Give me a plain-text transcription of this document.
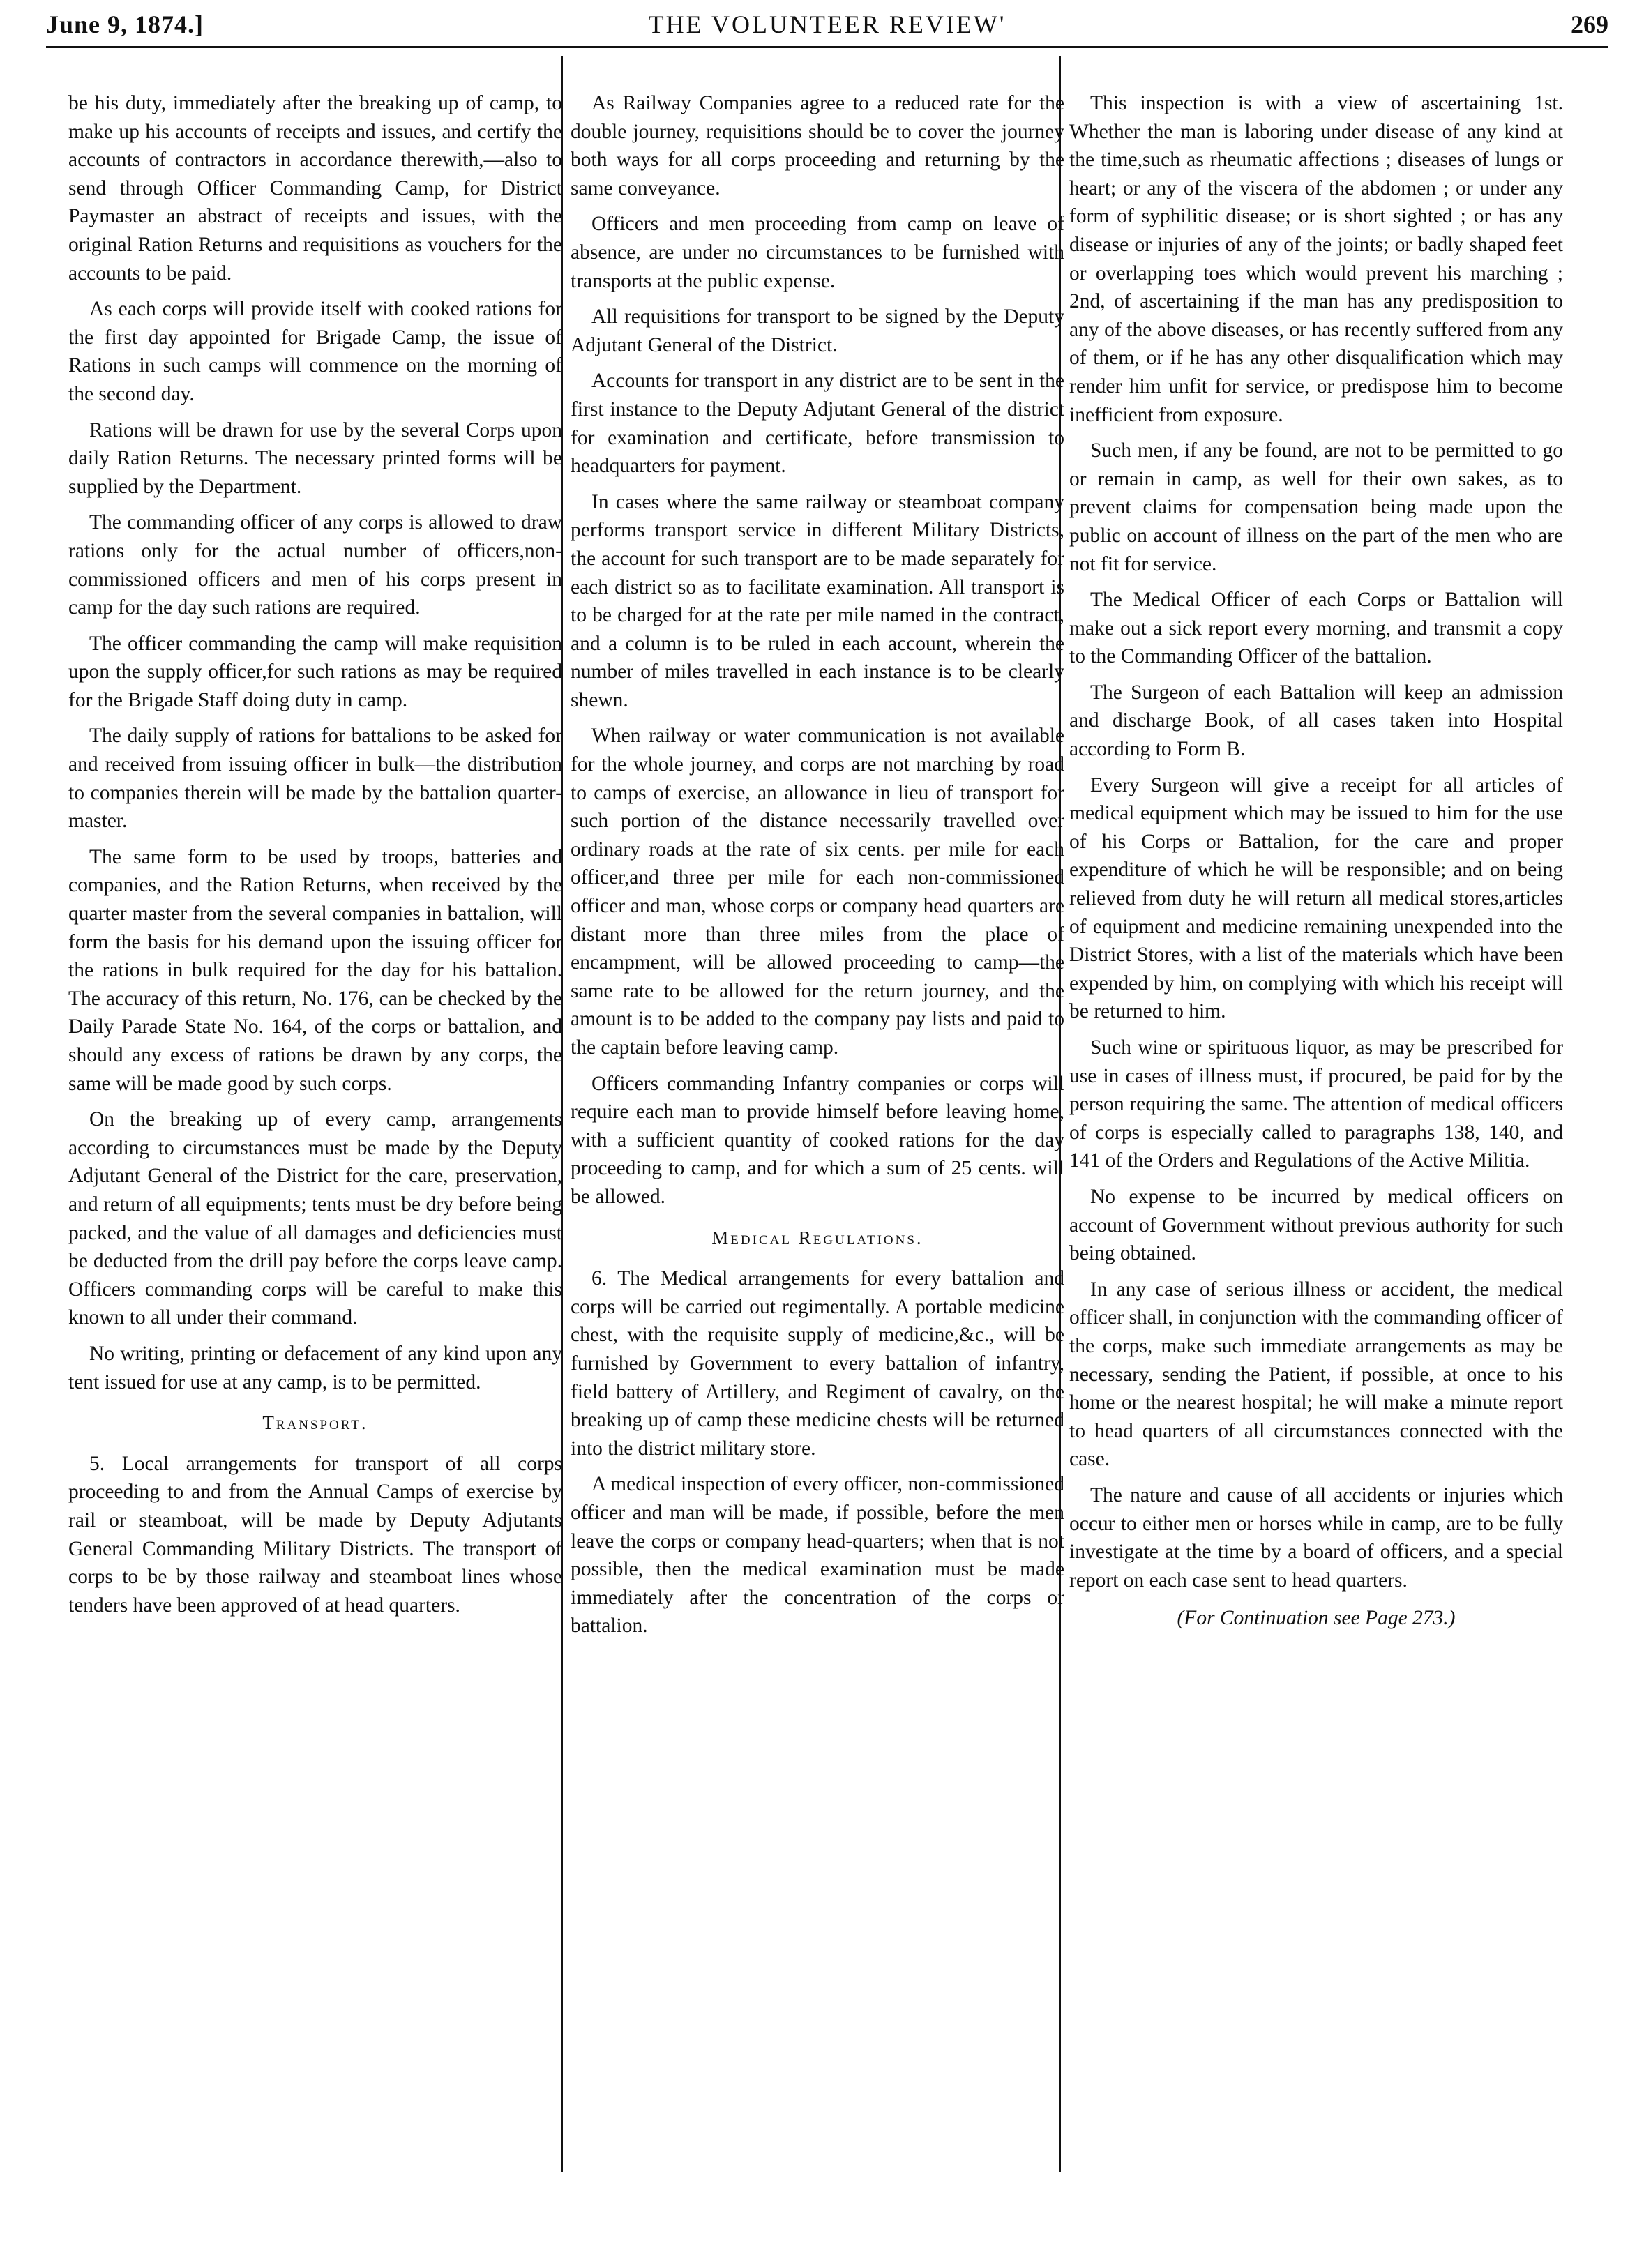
June 9, 1874.]	THE VOLUNTEER REVIEW'	269

be his duty, immediately after the breaking up of camp, to make up his accounts of receipts and issues, and certify the accounts of contractors in accordance therewith,—also to send through Officer Commanding Camp, for District Paymaster an abstract of receipts and issues, with the original Ration Returns and requisitions as vouchers for the accounts to be paid.

As each corps will provide itself with cooked rations for the first day appointed for Brigade Camp, the issue of Rations in such camps will commence on the morning of the second day.

Rations will be drawn for use by the several Corps upon daily Ration Returns. The necessary printed forms will be supplied by the Department.

The commanding officer of any corps is allowed to draw rations only for the actual number of officers,non-commissioned officers and men of his corps present in camp for the day such rations are required.

The officer commanding the camp will make requisition upon the supply officer,for such rations as may be required for the Brigade Staff doing duty in camp.

The daily supply of rations for battalions to be asked for and received from issuing officer in bulk—the distribution to companies therein will be made by the battalion quarter-master.

The same form to be used by troops, batteries and companies, and the Ration Returns, when received by the quarter master from the several companies in battalion, will form the basis for his demand upon the issuing officer for the rations in bulk required for the day for his battalion. The accuracy of this return, No. 176, can be checked by the Daily Parade State No. 164, of the corps or battalion, and should any excess of rations be drawn by any corps, the same will be made good by such corps.

On the breaking up of every camp, arrangements according to circumstances must be made by the Deputy Adjutant General of the District for the care, preservation, and return of all equipments; tents must be dry before being packed, and the value of all damages and deficiencies must be deducted from the drill pay before the corps leave camp. Officers commanding corps will be careful to make this known to all under their command.

No writing, printing or defacement of any kind upon any tent issued for use at any camp, is to be permitted.

Transport.

5. Local arrangements for transport of all corps proceeding to and from the Annual Camps of exercise by rail or steamboat, will be made by Deputy Adjutants General Commanding Military Districts. The transport of corps to be by those railway and steamboat lines whose tenders have been approved of at head quarters.

As Railway Companies agree to a reduced rate for the double journey, requisitions should be to cover the journey both ways for all corps proceeding and returning by the same conveyance.

Officers and men proceeding from camp on leave of absence, are under no circumstances to be furnished with transports at the public expense.

All requisitions for transport to be signed by the Deputy Adjutant General of the District.

Accounts for transport in any district are to be sent in the first instance to the Deputy Adjutant General of the district for examination and certificate, before transmission to headquarters for payment.

In cases where the same railway or steamboat company performs transport service in different Military Districts, the account for such transport are to be made separately for each district so as to facilitate examination. All transport is to be charged for at the rate per mile named in the contract, and a column is to be ruled in each account, wherein the number of miles travelled in each instance is to be clearly shewn.

When railway or water communication is not available for the whole journey, and corps are not marching by road to camps of exercise, an allowance in lieu of transport for such portion of the distance necessarily travelled over ordinary roads at the rate of six cents. per mile for each officer,and three per mile for each non-commissioned officer and man, whose corps or company head quarters are distant more than three miles from the place of encampment, will be allowed proceeding to camp—the same rate to be allowed for the return journey, and the amount is to be added to the company pay lists and paid to the captain before leaving camp.

Officers commanding Infantry companies or corps will require each man to provide himself before leaving home, with a sufficient quantity of cooked rations for the day proceeding to camp, and for which a sum of 25 cents. will be allowed.

Medical Regulations.

6. The Medical arrangements for every battalion and corps will be carried out regimentally. A portable medicine chest, with the requisite supply of medicine,&c., will be furnished by Government to every battalion of infantry, field battery of Artillery, and Regiment of cavalry, on the breaking up of camp these medicine chests will be returned into the district military store.

A medical inspection of every officer, non-commissioned officer and man will be made, if possible, before the men leave the corps or company head-quarters; when that is not possible, then the medical examination must be made immediately after the concentration of the corps or battalion.

This inspection is with a view of ascertaining 1st. Whether the man is laboring under disease of any kind at the time,such as rheumatic affections ; diseases of lungs or heart; or any of the viscera of the abdomen ; or under any form of syphilitic disease; or is short sighted ; or has any disease or injuries of any of the joints; or badly shaped feet or overlapping toes which would prevent his marching ; 2nd, of ascertaining if the man has any predisposition to any of the above diseases, or has recently suffered from any of them, or if he has any other disqualification which may render him unfit for service, or predispose him to become inefficient from exposure.

Such men, if any be found, are not to be permitted to go or remain in camp, as well for their own sakes, as to prevent claims for compensation being made upon the public on account of illness on the part of the men who are not fit for service.

The Medical Officer of each Corps or Battalion will make out a sick report every morning, and transmit a copy to the Commanding Officer of the battalion.

The Surgeon of each Battalion will keep an admission and discharge Book, of all cases taken into Hospital according to Form B.

Every Surgeon will give a receipt for all articles of medical equipment which may be issued to him for the use of his Corps or Battalion, for the care and proper expenditure of which he will be responsible; and on being relieved from duty he will return all medical stores,articles of equipment and medicine remaining unexpended into the District Stores, with a list of the materials which have been expended by him, on complying with which his receipt will be returned to him.

Such wine or spirituous liquor, as may be prescribed for use in cases of illness must, if procured, be paid for by the person requiring the same. The attention of medical officers of corps is especially called to paragraphs 138, 140, and 141 of the Orders and Regulations of the Active Militia.

No expense to be incurred by medical officers on account of Government without previous authority for such being obtained.

In any case of serious illness or accident, the medical officer shall, in conjunction with the commanding officer of the corps, make such immediate arrangements as may be necessary, sending the Patient, if possible, at once to his home or the nearest hospital; he will make a minute report to head quarters of all circumstances connected with the case.

The nature and cause of all accidents or injuries which occur to either men or horses while in camp, are to be fully investigate at the time by a board of officers, and a special report on each case sent to head quarters.

(For Continuation see Page 273.)
